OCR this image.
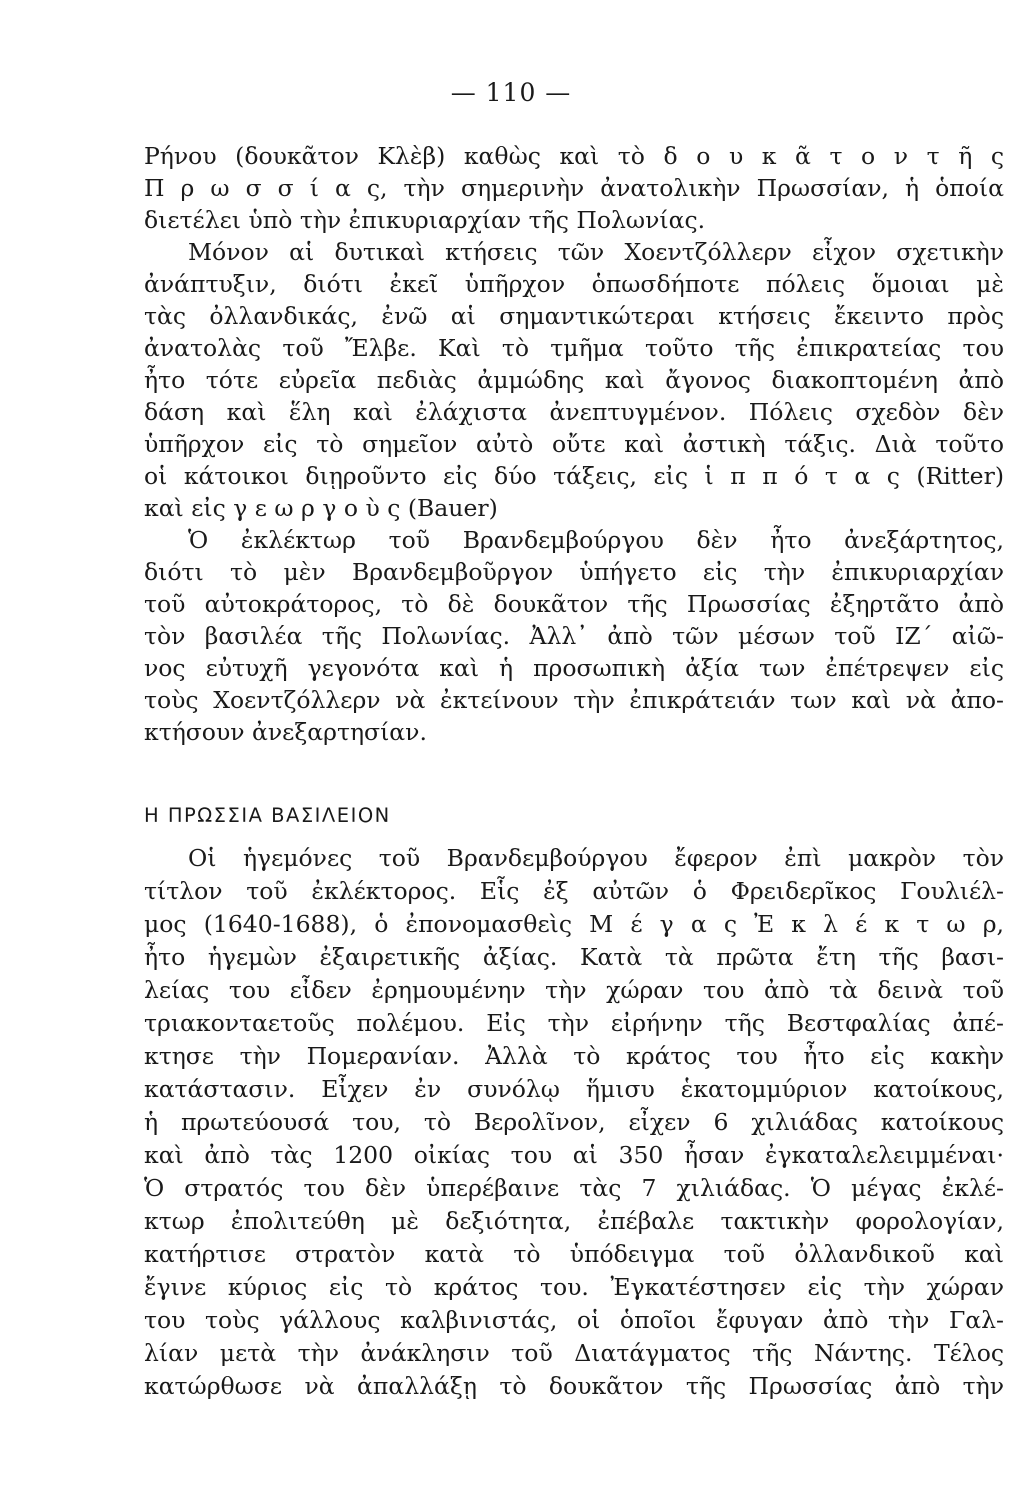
— 110 —
Ρήνου (δουκᾶτον Κλὲβ) καθὼς καὶ τὸ δ ο υ κ ᾶ τ ο ν τ ῆ ς
Π ρ ω σ σ ί α ς, τὴν σημερινὴν ἀνατολικὴν Πρωσσίαν, ἡ ὁποία
διετέλει ὑπὸ τὴν ἐπικυριαρχίαν τῆς Πολωνίας.
Μόνον αἱ δυτικαὶ κτήσεις τῶν Χοεντζόλλερν εἶχον σχετικὴν
ἀνάπτυξιν, διότι ἐκεῖ ὑπῆρχον ὁπωσδήποτε πόλεις ὅμοιαι μὲ
τὰς ὀλλανδικάς, ἐνῶ αἱ σημαντικώτεραι κτήσεις ἔκειντο πρὸς
ἀνατολὰς τοῦ Ἔλβε. Καὶ τὸ τμῆμα τοῦτο τῆς ἐπικρατείας του
ἦτο τότε εὐρεῖα πεδιὰς ἀμμώδης καὶ ἄγονος διακοπτομένη ἀπὸ
δάση καὶ ἕλη καὶ ἐλάχιστα ἀνεπτυγμένον. Πόλεις σχεδὸν δὲν
ὑπῆρχον εἰς τὸ σημεῖον αὐτὸ οὔτε καὶ ἀστικὴ τάξις. Διὰ τοῦτο
οἱ κάτοικοι διῃροῦντο εἰς δύο τάξεις, εἰς ἱ π π ό τ α ς (Ritter)
καὶ εἰς γ ε ω ρ γ ο ὺ ς (Bauer)
Ὁ ἐκλέκτωρ τοῦ Βρανδεμβούργου δὲν ἦτο ἀνεξάρτητος,
διότι τὸ μὲν Βρανδεμβοῦργον ὑπήγετο εἰς τὴν ἐπικυριαρχίαν
τοῦ αὐτοκράτορος, τὸ δὲ δουκᾶτον τῆς Πρωσσίας ἐξηρτᾶτο ἀπὸ
τὸν βασιλέα τῆς Πολωνίας. Ἀλλ᾽ ἀπὸ τῶν μέσων τοῦ ΙΖ΄ αἰῶ-
νος εὐτυχῆ γεγονότα καὶ ἡ προσωπικὴ ἀξία των ἐπέτρεψεν εἰς
τοὺς Χοεντζόλλερν νὰ ἐκτείνουν τὴν ἐπικράτειάν των καὶ νὰ ἀπο-
κτήσουν ἀνεξαρτησίαν.
Η ΠΡΩΣΣΙΑ ΒΑΣΙΛΕΙΟΝ
Οἱ ἡγεμόνες τοῦ Βρανδεμβούργου ἔφερον ἐπὶ μακρὸν τὸν
τίτλον τοῦ ἐκλέκτορος. Εἷς ἐξ αὐτῶν ὁ Φρειδερῖκος Γουλιέλ-
μος (1640-1688), ὁ ἐπονομασθεὶς Μ έ γ α ς Ἐ κ λ έ κ τ ω ρ,
ἦτο ἡγεμὼν ἐξαιρετικῆς ἀξίας. Κατὰ τὰ πρῶτα ἔτη τῆς βασι-
λείας του εἶδεν ἐρημουμένην τὴν χώραν του ἀπὸ τὰ δεινὰ τοῦ
τριακονταετοῦς πολέμου. Εἰς τὴν εἰρήνην τῆς Βεστφαλίας ἀπέ-
κτησε τὴν Πομερανίαν. Ἀλλὰ τὸ κράτος του ἦτο εἰς κακὴν
κατάστασιν. Εἶχεν ἐν συνόλῳ ἥμισυ ἑκατομμύριον κατοίκους,
ἡ πρωτεύουσά του, τὸ Βερολῖνον, εἶχεν 6 χιλιάδας κατοίκους
καὶ ἀπὸ τὰς 1200 οἰκίας του αἱ 350 ἦσαν ἐγκαταλελειμμέναι·
Ὁ στρατός του δὲν ὑπερέβαινε τὰς 7 χιλιάδας. Ὁ μέγας ἐκλέ-
κτωρ ἐπολιτεύθη μὲ δεξιότητα, ἐπέβαλε τακτικὴν φορολογίαν,
κατήρτισε στρατὸν κατὰ τὸ ὑπόδειγμα τοῦ ὀλλανδικοῦ καὶ
ἔγινε κύριος εἰς τὸ κράτος του. Ἐγκατέστησεν εἰς τὴν χώραν
του τοὺς γάλλους καλβινιστάς, οἱ ὁποῖοι ἔφυγαν ἀπὸ τὴν Γαλ-
λίαν μετὰ τὴν ἀνάκλησιν τοῦ Διατάγματος τῆς Νάντης. Τέλος
κατώρθωσε νὰ ἀπαλλάξῃ τὸ δουκᾶτον τῆς Πρωσσίας ἀπὸ τὴν
